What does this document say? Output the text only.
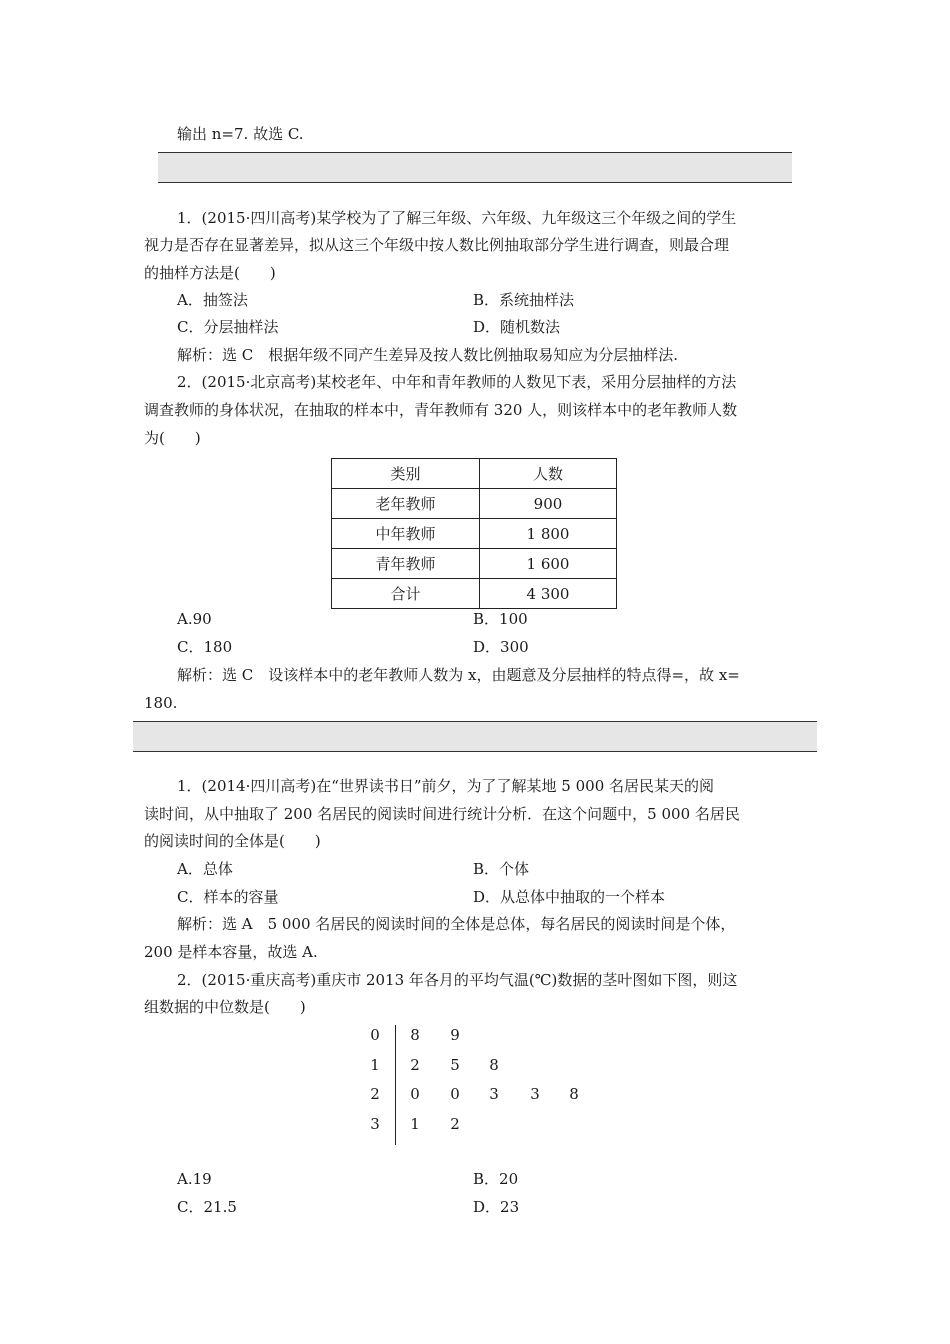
输出 n=7. 故选 C.
1．(2015·四川高考)某学校为了了解三年级、六年级、九年级这三个年级之间的学生
视力是否存在显著差异，拟从这三个年级中按人数比例抽取部分学生进行调查，则最合理
的抽样方法是(　　)
A．抽签法	B．系统抽样法
C．分层抽样法	D．随机数法
解析：选 C　根据年级不同产生差异及按人数比例抽取易知应为分层抽样法.
2．(2015·北京高考)某校老年、中年和青年教师的人数见下表，采用分层抽样的方法
调查教师的身体状况，在抽取的样本中，青年教师有 320 人，则该样本中的老年教师人数
为(　　)
类别	人数
老年教师	900
中年教师	1 800
青年教师	1 600
合计	4 300
A.90	B．100
C．180	D．300
解析：选 C　设该样本中的老年教师人数为 x，由题意及分层抽样的特点得=，故 x=
180.
1．(2014·四川高考)在“世界读书日”前夕，为了了解某地 5 000 名居民某天的阅
读时间，从中抽取了 200 名居民的阅读时间进行统计分析．在这个问题中，5 000 名居民
的阅读时间的全体是(　　)
A．总体	B．个体
C．样本的容量	D．从总体中抽取的一个样本
解析：选 A　5 000 名居民的阅读时间的全体是总体，每名居民的阅读时间是个体，
200 是样本容量，故选 A.
2．(2015·重庆高考)重庆市 2013 年各月的平均气温(℃)数据的茎叶图如下图，则这
组数据的中位数是(　　)
0	8	9
1	2	5	8
2	0	0	3	3	8
3	1	2
A.19	B．20
C．21.5	D．23
